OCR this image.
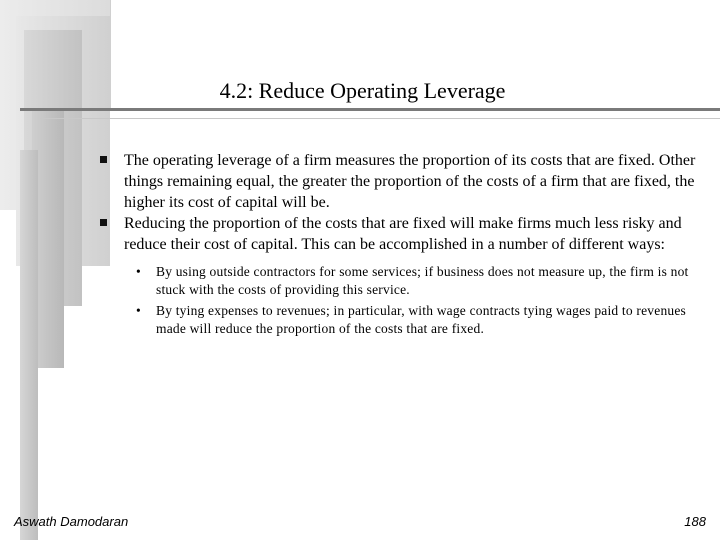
4.2: Reduce Operating Leverage
The operating leverage of a firm measures the proportion of its costs that are fixed. Other things remaining equal, the greater the proportion of the costs of a firm that are fixed, the higher its cost of capital will be.
Reducing the proportion of the costs that are fixed will make firms much less risky and reduce their cost of capital. This can be accomplished in a number of different ways:
• By using outside contractors for some services; if business does not measure up, the firm is not stuck with the costs of providing this service.
• By tying expenses to revenues; in particular, with wage contracts tying wages paid to revenues made will reduce the proportion of the costs that are fixed.
Aswath Damodaran	188
